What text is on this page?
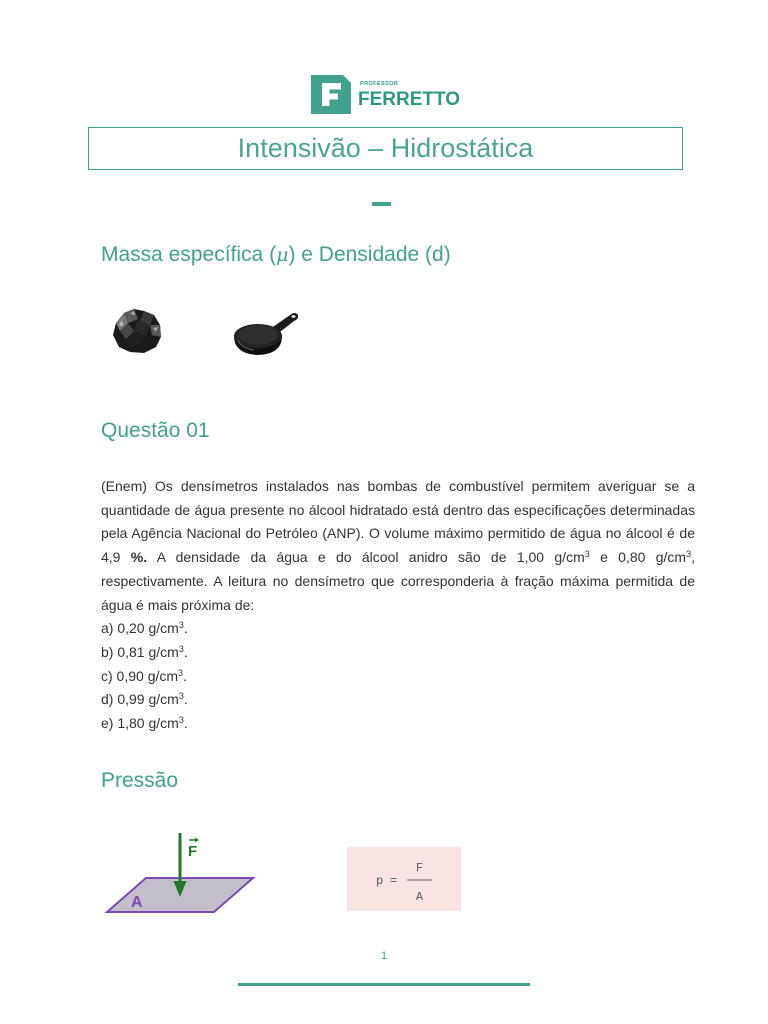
PROFESSOR
FERRETTO
Intensivão – Hidrostática
Massa específica (μ) e Densidade (d)
Questão 01

(Enem) Os densímetros instalados nas bombas de combustível permitem averiguar se a quantidade de água presente no álcool hidratado está dentro das especificações determinadas pela Agência Nacional do Petróleo (ANP). O volume máximo permitido de água no álcool é de 4,9 %. A densidade da água e do álcool anidro são de 1,00 $g/cm^3$ e 0,80 $g/cm^3$, respectivamente. A leitura no densímetro que corresponderia à fração máxima permitida de água é mais próxima de:

a) 0,20 $g/cm^3$.
b) 0,81 $g/cm^3$.
c) 0,90 $g/cm^3$.
d) 0,99 $g/cm^3$.
e) 1,80 $g/cm^3$.
Pressão
A
F
p =
F
A
1
